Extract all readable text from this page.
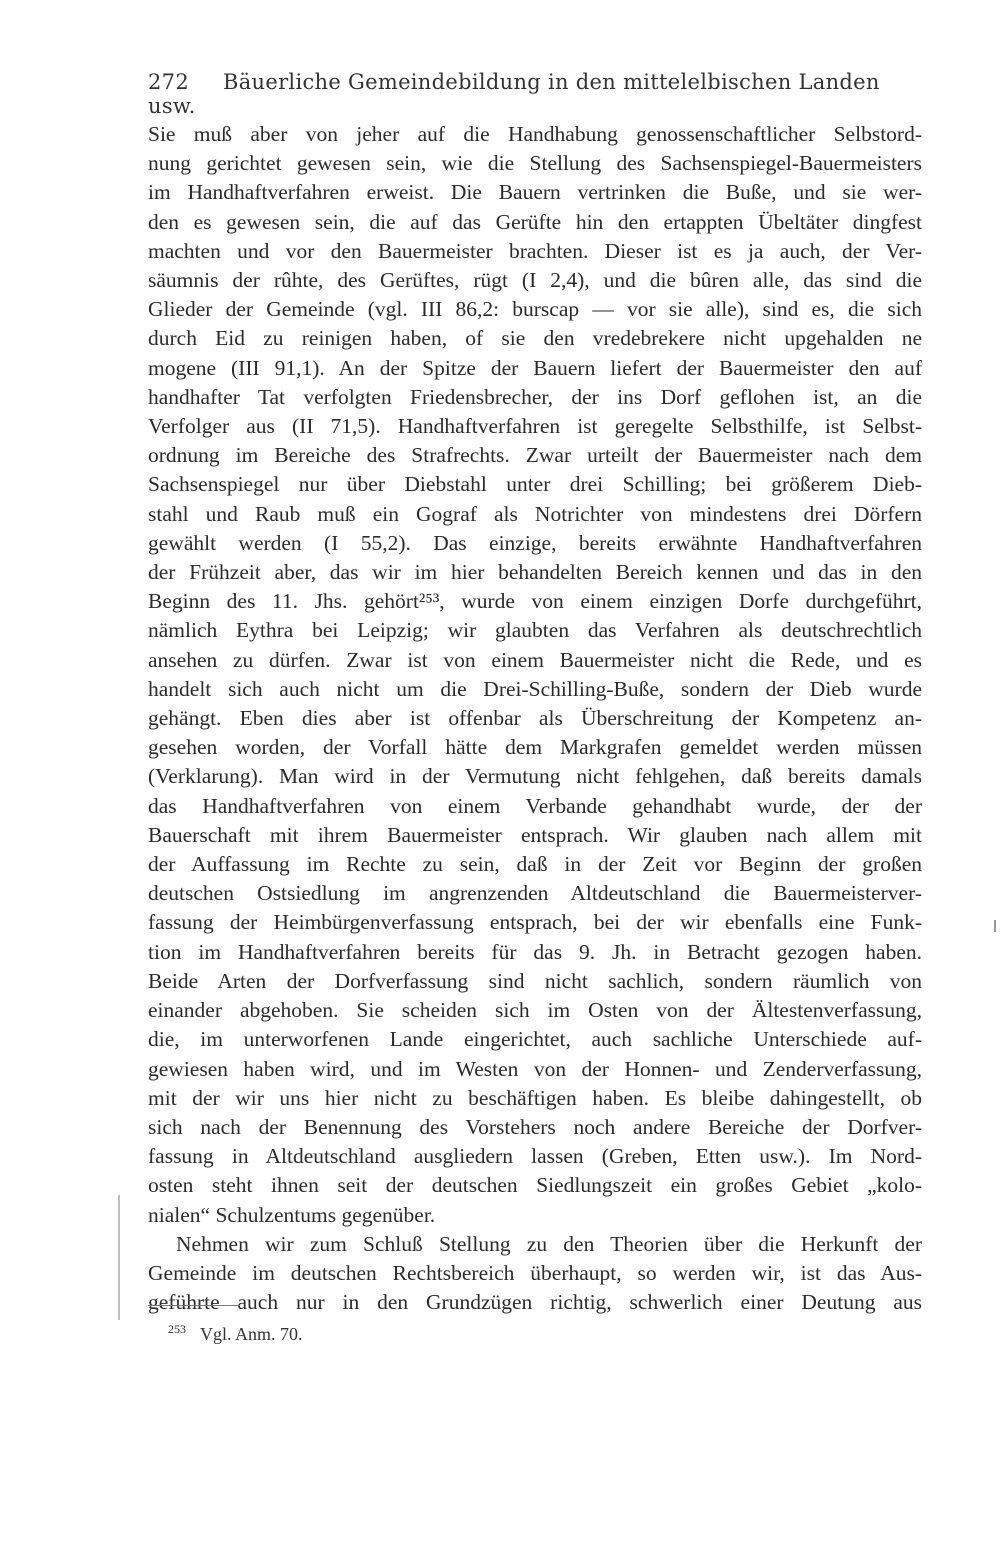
272 Bäuerliche Gemeindebildung in den mittelelbischen Landen usw.
Sie muß aber von jeher auf die Handhabung genossenschaftlicher Selbstord-
nung gerichtet gewesen sein, wie die Stellung des Sachsenspiegel-Bauermeisters
im Handhaftverfahren erweist. Die Bauern vertrinken die Buße, und sie wer-
den es gewesen sein, die auf das Gerüfte hin den ertappten Übeltäter dingfest
machten und vor den Bauermeister brachten. Dieser ist es ja auch, der Ver-
säumnis der rûhte, des Gerüftes, rügt (I 2,4), und die bûren alle, das sind die
Glieder der Gemeinde (vgl. III 86,2: burscap — vor sie alle), sind es, die sich
durch Eid zu reinigen haben, of sie den vredebrekere nicht upgehalden ne
mogene (III 91,1). An der Spitze der Bauern liefert der Bauermeister den auf
handhafter Tat verfolgten Friedensbrecher, der ins Dorf geflohen ist, an die
Verfolger aus (II 71,5). Handhaftverfahren ist geregelte Selbsthilfe, ist Selbst-
ordnung im Bereiche des Strafrechts. Zwar urteilt der Bauermeister nach dem
Sachsenspiegel nur über Diebstahl unter drei Schilling; bei größerem Dieb-
stahl und Raub muß ein Gograf als Notrichter von mindestens drei Dörfern
gewählt werden (I 55,2). Das einzige, bereits erwähnte Handhaftverfahren
der Frühzeit aber, das wir im hier behandelten Bereich kennen und das in den
Beginn des 11. Jhs. gehört²⁵³, wurde von einem einzigen Dorfe durchgeführt,
nämlich Eythra bei Leipzig; wir glaubten das Verfahren als deutschrechtlich
ansehen zu dürfen. Zwar ist von einem Bauermeister nicht die Rede, und es
handelt sich auch nicht um die Drei-Schilling-Buße, sondern der Dieb wurde
gehängt. Eben dies aber ist offenbar als Überschreitung der Kompetenz an-
gesehen worden, der Vorfall hätte dem Markgrafen gemeldet werden müssen
(Verklarung). Man wird in der Vermutung nicht fehlgehen, daß bereits damals
das Handhaftverfahren von einem Verbande gehandhabt wurde, der der
Bauerschaft mit ihrem Bauermeister entsprach. Wir glauben nach allem mit
der Auffassung im Rechte zu sein, daß in der Zeit vor Beginn der großen
deutschen Ostsiedlung im angrenzenden Altdeutschland die Bauermeisterver-
fassung der Heimbürgenverfassung entsprach, bei der wir ebenfalls eine Funk-
tion im Handhaftverfahren bereits für das 9. Jh. in Betracht gezogen haben.
Beide Arten der Dorfverfassung sind nicht sachlich, sondern räumlich von
einander abgehoben. Sie scheiden sich im Osten von der Ältestenverfassung,
die, im unterworfenen Lande eingerichtet, auch sachliche Unterschiede auf-
gewiesen haben wird, und im Westen von der Honnen- und Zenderverfassung,
mit der wir uns hier nicht zu beschäftigen haben. Es bleibe dahingestellt, ob
sich nach der Benennung des Vorstehers noch andere Bereiche der Dorfver-
fassung in Altdeutschland ausgliedern lassen (Greben, Etten usw.). Im Nord-
osten steht ihnen seit der deutschen Siedlungszeit ein großes Gebiet „kolo-
nialen“ Schulzentums gegenüber.
Nehmen wir zum Schluß Stellung zu den Theorien über die Herkunft der
Gemeinde im deutschen Rechtsbereich überhaupt, so werden wir, ist das Aus-
geführte auch nur in den Grundzügen richtig, schwerlich einer Deutung aus
$^{253}$ Vgl. Anm. 70.
